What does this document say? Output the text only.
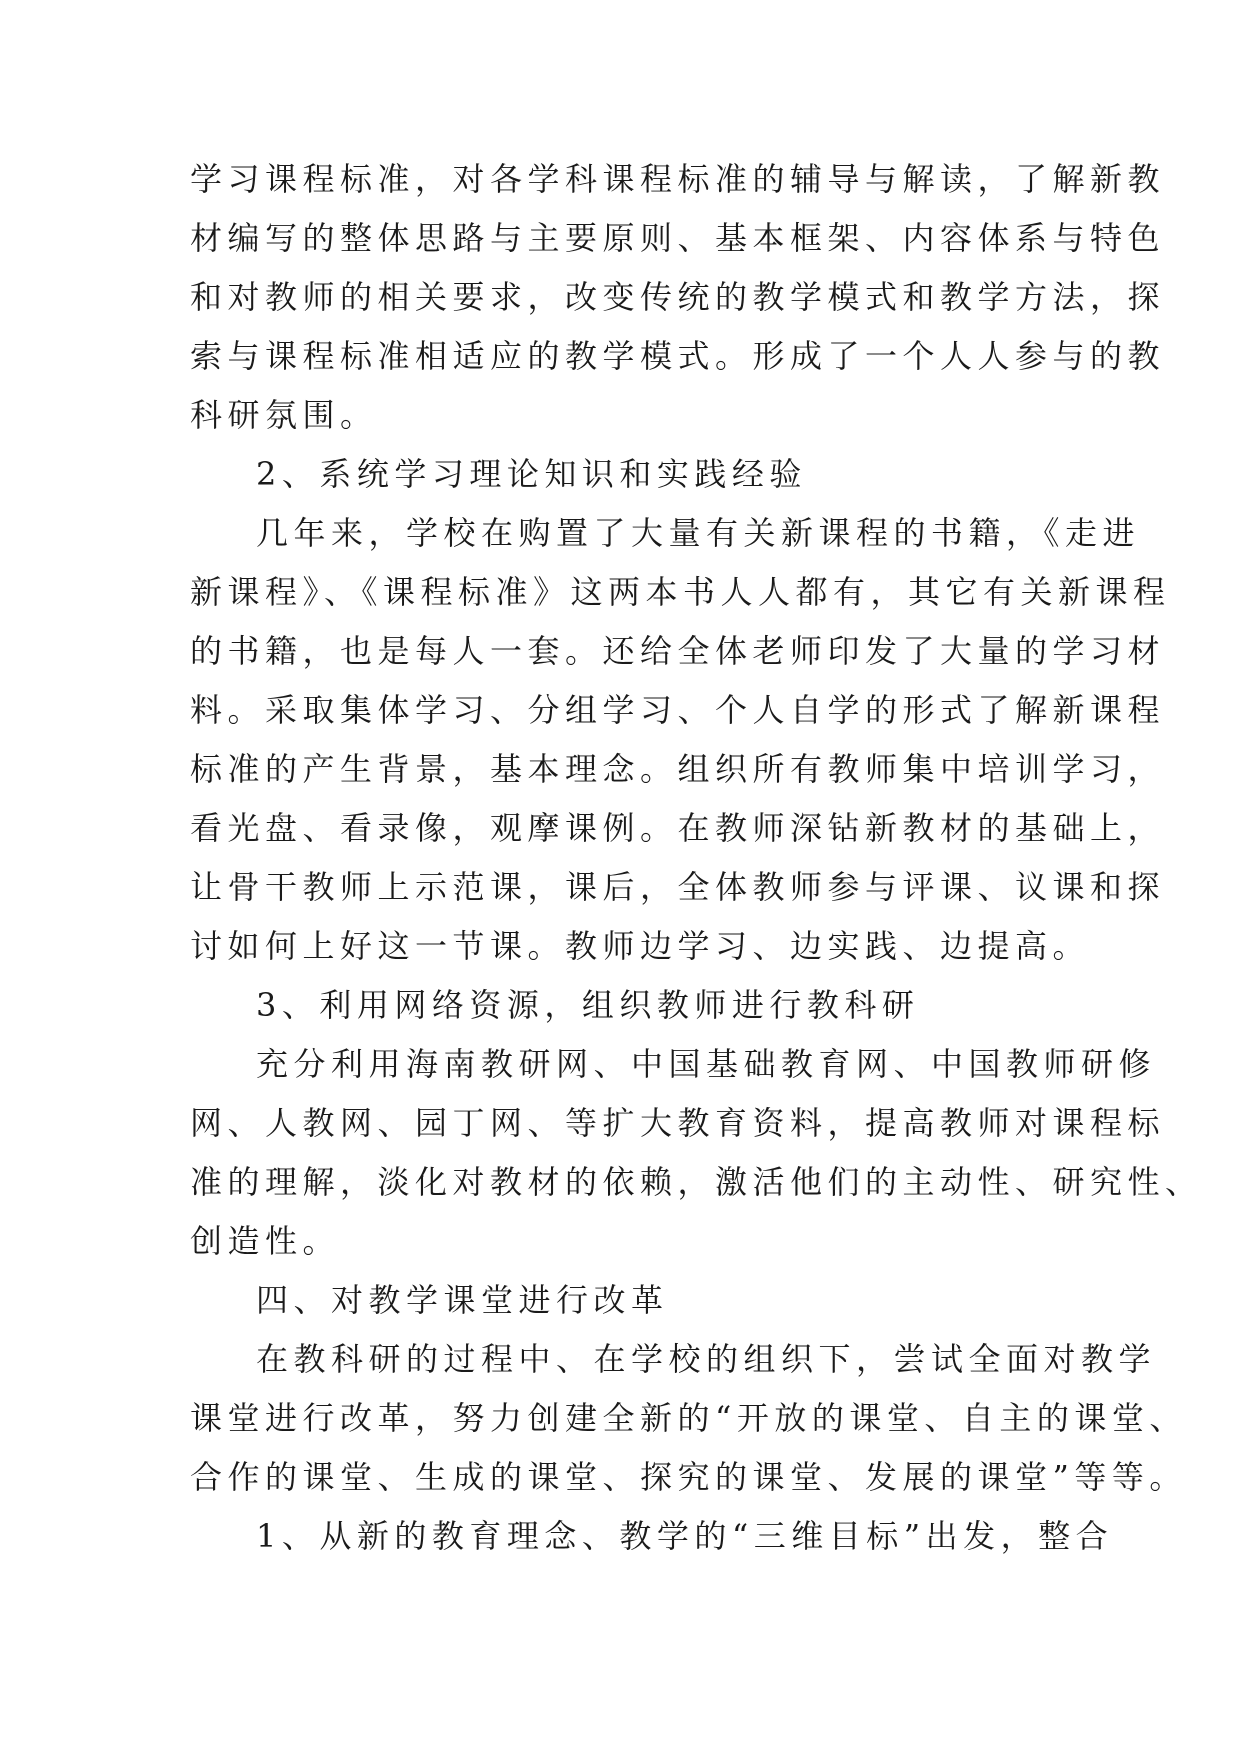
学习课程标准，对各学科课程标准的辅导与解读，了解新教
材编写的整体思路与主要原则、基本框架、内容体系与特色
和对教师的相关要求，改变传统的教学模式和教学方法，探
索与课程标准相适应的教学模式。形成了一个人人参与的教
科研氛围。
2、系统学习理论知识和实践经验
几年来，学校在购置了大量有关新课程的书籍，《走进
新课程》、《课程标准》这两本书人人都有，其它有关新课程
的书籍，也是每人一套。还给全体老师印发了大量的学习材
料。采取集体学习、分组学习、个人自学的形式了解新课程
标准的产生背景，基本理念。组织所有教师集中培训学习，
看光盘、看录像，观摩课例。在教师深钻新教材的基础上，
让骨干教师上示范课，课后，全体教师参与评课、议课和探
讨如何上好这一节课。教师边学习、边实践、边提高。
3、利用网络资源，组织教师进行教科研
充分利用海南教研网、中国基础教育网、中国教师研修
网、人教网、园丁网、等扩大教育资料，提高教师对课程标
准的理解，淡化对教材的依赖，激活他们的主动性、研究性、
创造性。
四、对教学课堂进行改革
在教科研的过程中、在学校的组织下，尝试全面对教学
课堂进行改革，努力创建全新的“开放的课堂、自主的课堂、
合作的课堂、生成的课堂、探究的课堂、发展的课堂”等等。
1、从新的教育理念、教学的“三维目标”出发，整合
